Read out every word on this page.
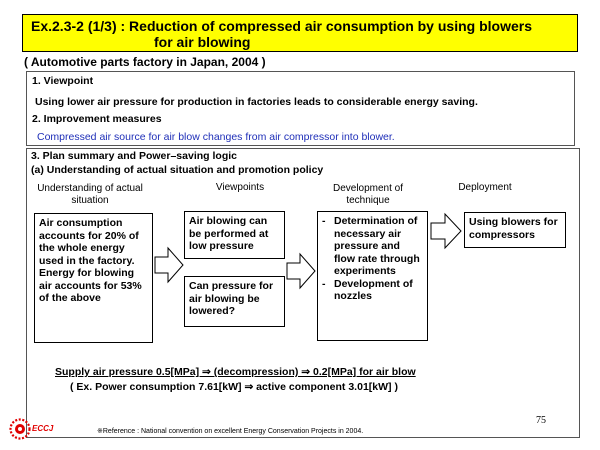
Ex.2.3-2 (1/3) : Reduction of compressed air consumption by using blowers
for air blowing
( Automotive parts factory in Japan, 2004 )
1. Viewpoint
Using lower air pressure for production in factories leads to considerable energy saving.
2. Improvement measures
Compressed air source for air blow changes from air compressor into blower.
3. Plan summary and Power–saving logic
(a) Understanding of actual situation and promotion policy
Understanding of actual situation
Viewpoints	Development of technique
Deployment
Air consumption accounts for 20% of the whole energy used in the factory. Energy for blowing air accounts for 53% of the above
Air blowing can be performed at low pressure
Can pressure for air blowing be lowered?
- Determination of necessary air pressure and flow rate through experiments
- Development of nozzles
Using blowers for compressors
Supply air pressure 0.5[MPa] ⇒ (decompression) ⇒ 0.2[MPa] for air blow
( Ex. Power consumption 7.61[kW] ⇒ active component 3.01[kW] )
75
ECCJ	※Reference : National convention on excellent Energy Conservation Projects in 2004.
